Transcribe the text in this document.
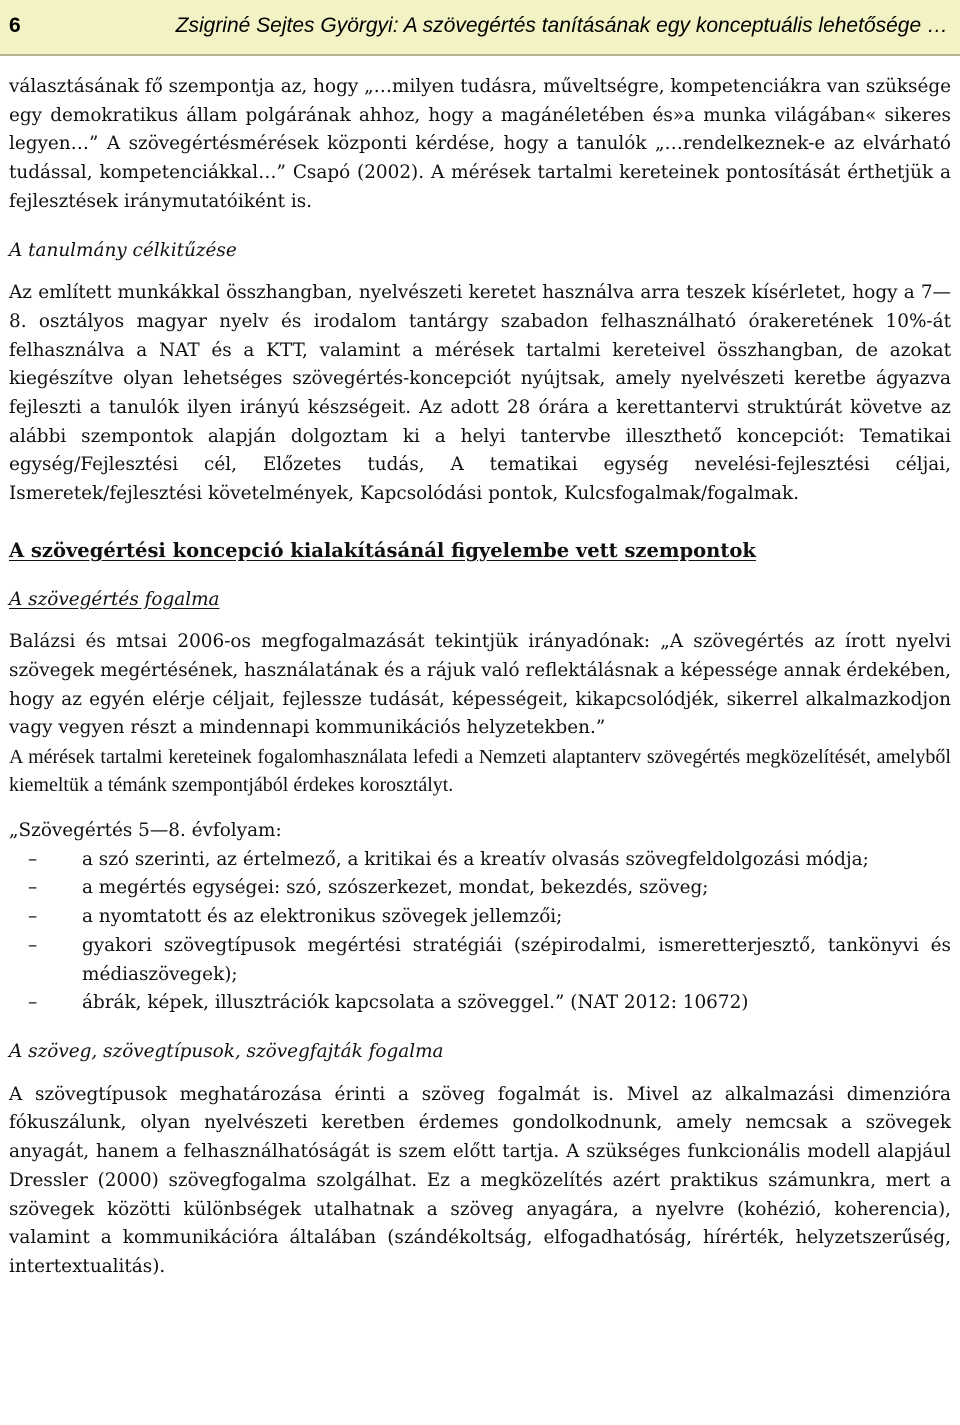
6	Zsigriné Sejtes Györgyi: A szövegértés tanításának egy konceptuális lehetősége …

választásának fő szempontja az, hogy „…milyen tudásra, műveltségre, kompetenciákra van szüksége egy demokratikus állam polgárának ahhoz, hogy a magánéletében és»a munka világában« sikeres legyen…” A szövegértésmérések központi kérdése, hogy a tanulók „…rendelkeznek-e az elvárható tudással, kompetenciákkal…” Csapó (2002). A mérések tartalmi kereteinek pontosítását érthetjük a fejlesztések iránymutatóiként is.

A tanulmány célkitűzése

Az említett munkákkal összhangban, nyelvészeti keretet használva arra teszek kísérletet, hogy a 7—8. osztályos magyar nyelv és irodalom tantárgy szabadon felhasználható órakeretének 10%-át felhasználva a NAT és a KTT, valamint a mérések tartalmi kereteivel összhangban, de azokat kiegészítve olyan lehetséges szövegértés-koncepciót nyújtsak, amely nyelvészeti keretbe ágyazva fejleszti a tanulók ilyen irányú készségeit. Az adott 28 órára a kerettantervi struktúrát követve az alábbi szempontok alapján dolgoztam ki a helyi tantervbe illeszthető koncepciót: Tematikai egység/Fejlesztési cél, Előzetes tudás, A tematikai egység nevelési-fejlesztési céljai, Ismeretek/fejlesztési követelmények, Kapcsolódási pontok, Kulcsfogalmak/fogalmak.

A szövegértési koncepció kialakításánál figyelembe vett szempontok

A szövegértés fogalma

Balázsi és mtsai 2006-os megfogalmazását tekintjük irányadónak: „A szövegértés az írott nyelvi szövegek megértésének, használatának és a rájuk való reflektálásnak a képessége annak érdekében, hogy az egyén elérje céljait, fejlessze tudását, képességeit, kikapcsolódjék, sikerrel alkalmazkodjon vagy vegyen részt a mindennapi kommunikációs helyzetekben.”

A mérések tartalmi kereteinek fogalomhasználata lefedi a Nemzeti alaptanterv szövegértés megközelítését, amelyből kiemeltük a témánk szempontjából érdekes korosztályt.

„Szövegértés 5—8. évfolyam:

– a szó szerinti, az értelmező, a kritikai és a kreatív olvasás szövegfeldolgozási módja;
– a megértés egységei: szó, szószerkezet, mondat, bekezdés, szöveg;
– a nyomtatott és az elektronikus szövegek jellemzői;
– gyakori szövegtípusok megértési stratégiái (szépirodalmi, ismeretterjesztő, tankönyvi és médiaszövegek);
– ábrák, képek, illusztrációk kapcsolata a szöveggel.” (NAT 2012: 10672)

A szöveg, szövegtípusok, szövegfajták fogalma

A szövegtípusok meghatározása érinti a szöveg fogalmát is. Mivel az alkalmazási dimenzióra fókuszálunk, olyan nyelvészeti keretben érdemes gondolkodnunk, amely nemcsak a szövegek anyagát, hanem a felhasználhatóságát is szem előtt tartja. A szükséges funkcionális modell alapjául Dressler (2000) szövegfogalma szolgálhat. Ez a megközelítés azért praktikus számunkra, mert a szövegek közötti különbségek utalhatnak a szöveg anyagára, a nyelvre (kohézió, koherencia), valamint a kommunikációra általában (szándékoltság, elfogadhatóság, hírérték, helyzetszerűség, intertextualitás).
